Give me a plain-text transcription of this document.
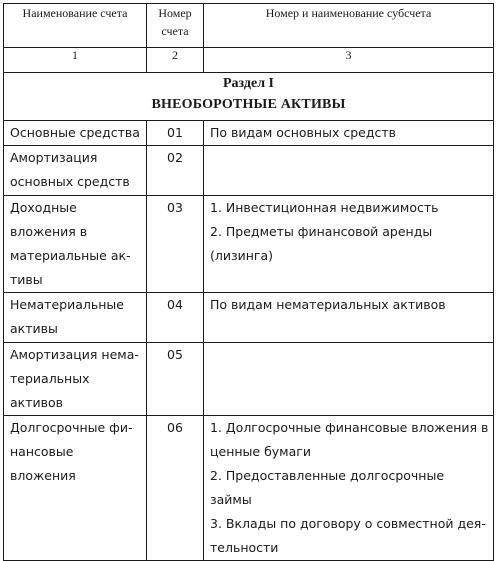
Наименование счета	Номер счета	Номер и наименование субсчета
1	2	3

Раздел I
ВНЕОБОРОТНЫЕ АКТИВЫ		

Основные средства	01	По видам основных средств

Амортизация основных средств	02	
Доходные вложения в материальные ак-тивы	03	1. Инвестиционная недвижимость
2. Предметы финансовой аренды (лизинга)

Нематериальные активы	04	По видам нематериальных активов

Амортизация нема-териальных активов	05	
Долгосрочные фи-нансовые вложения	06	1. Долгосрочные финансовые вложения в ценные бумаги
2. Предоставленные долгосрочные займы
3. Вклады по договору о совместной дея-тельности
